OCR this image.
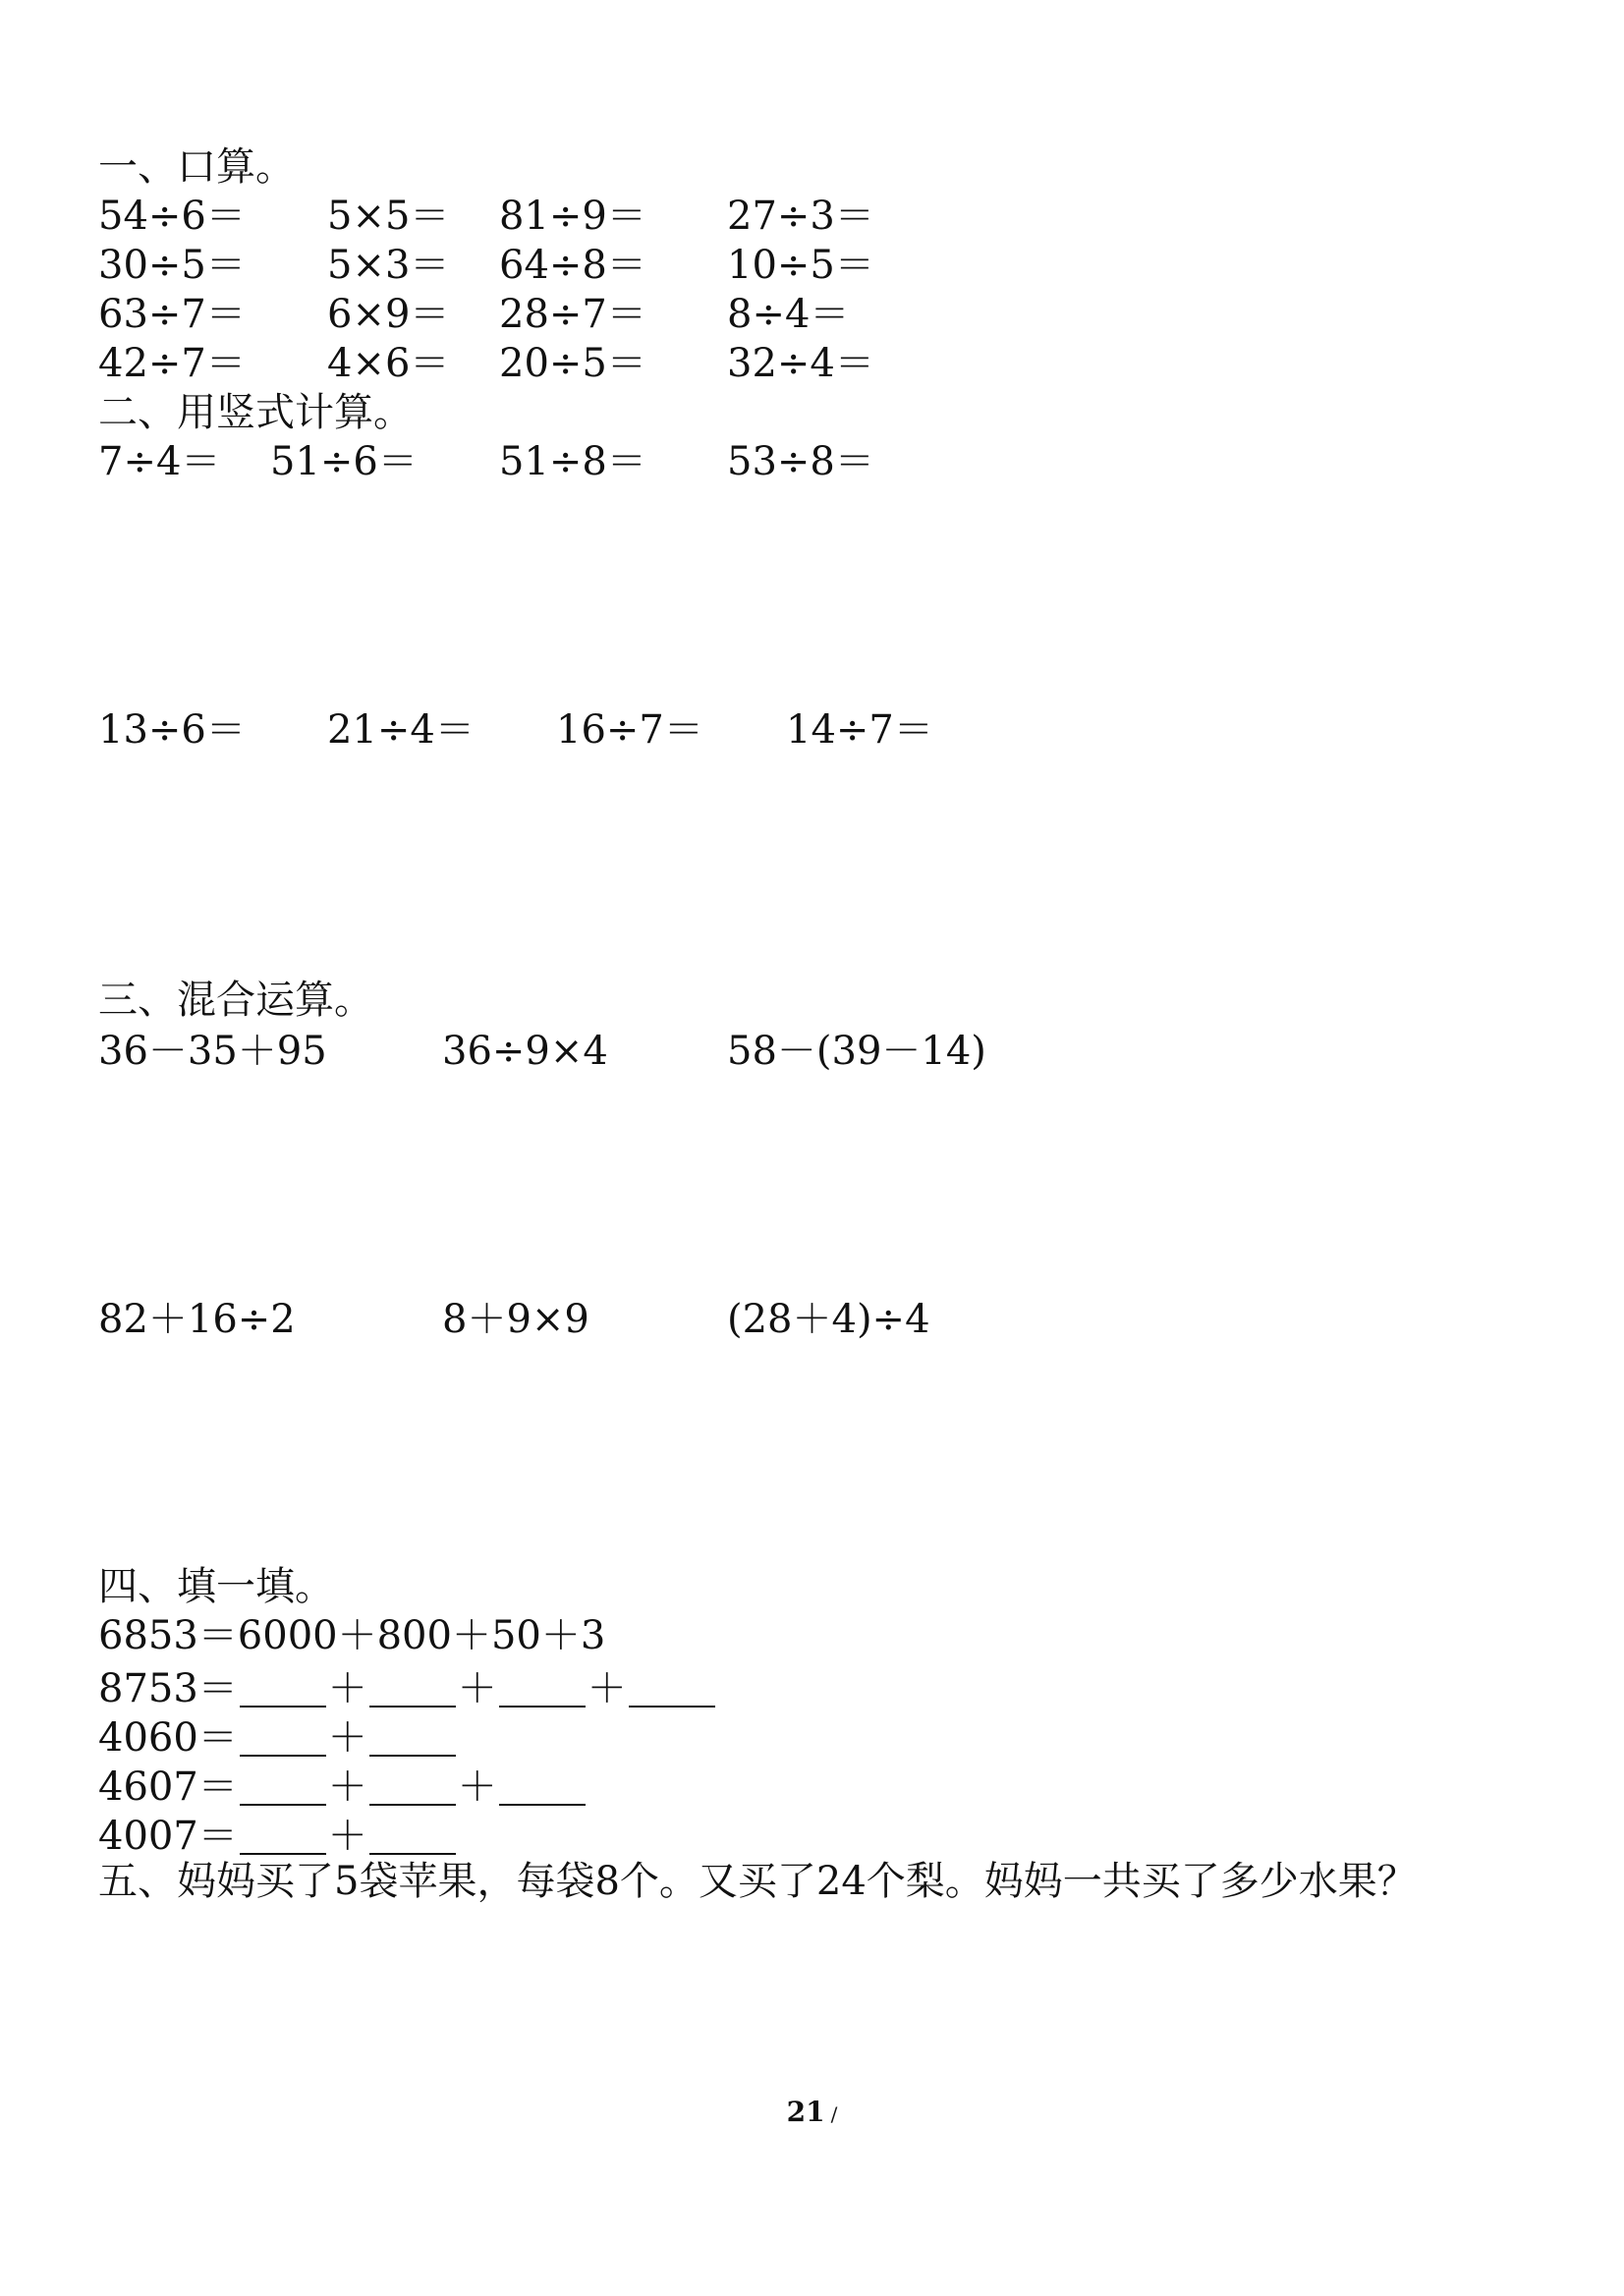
一、口算。
54÷6＝ 5×5＝ 81÷9＝ 27÷3＝
30÷5＝ 5×3＝ 64÷8＝ 10÷5＝
63÷7＝ 6×9＝ 28÷7＝ 8÷4＝
42÷7＝ 4×6＝ 20÷5＝ 32÷4＝
二、用竖式计算。
7÷4＝ 51÷6＝ 51÷8＝ 53÷8＝
13÷6＝ 21÷4＝ 16÷7＝ 14÷7＝
三、混合运算。
36－35＋95	36÷9×4	58－(39－14)
82＋16÷2	8＋9×9	(28＋4)÷4
四、填一填。
6853＝6000＋800＋50＋3
8753＝ ＋ ＋ ＋
4060＝ ＋
4607＝ ＋ ＋
4007＝ ＋
五、妈妈买了5袋苹果，每袋8个。又买了24个梨。妈妈一共买了多少水果？
21 /
